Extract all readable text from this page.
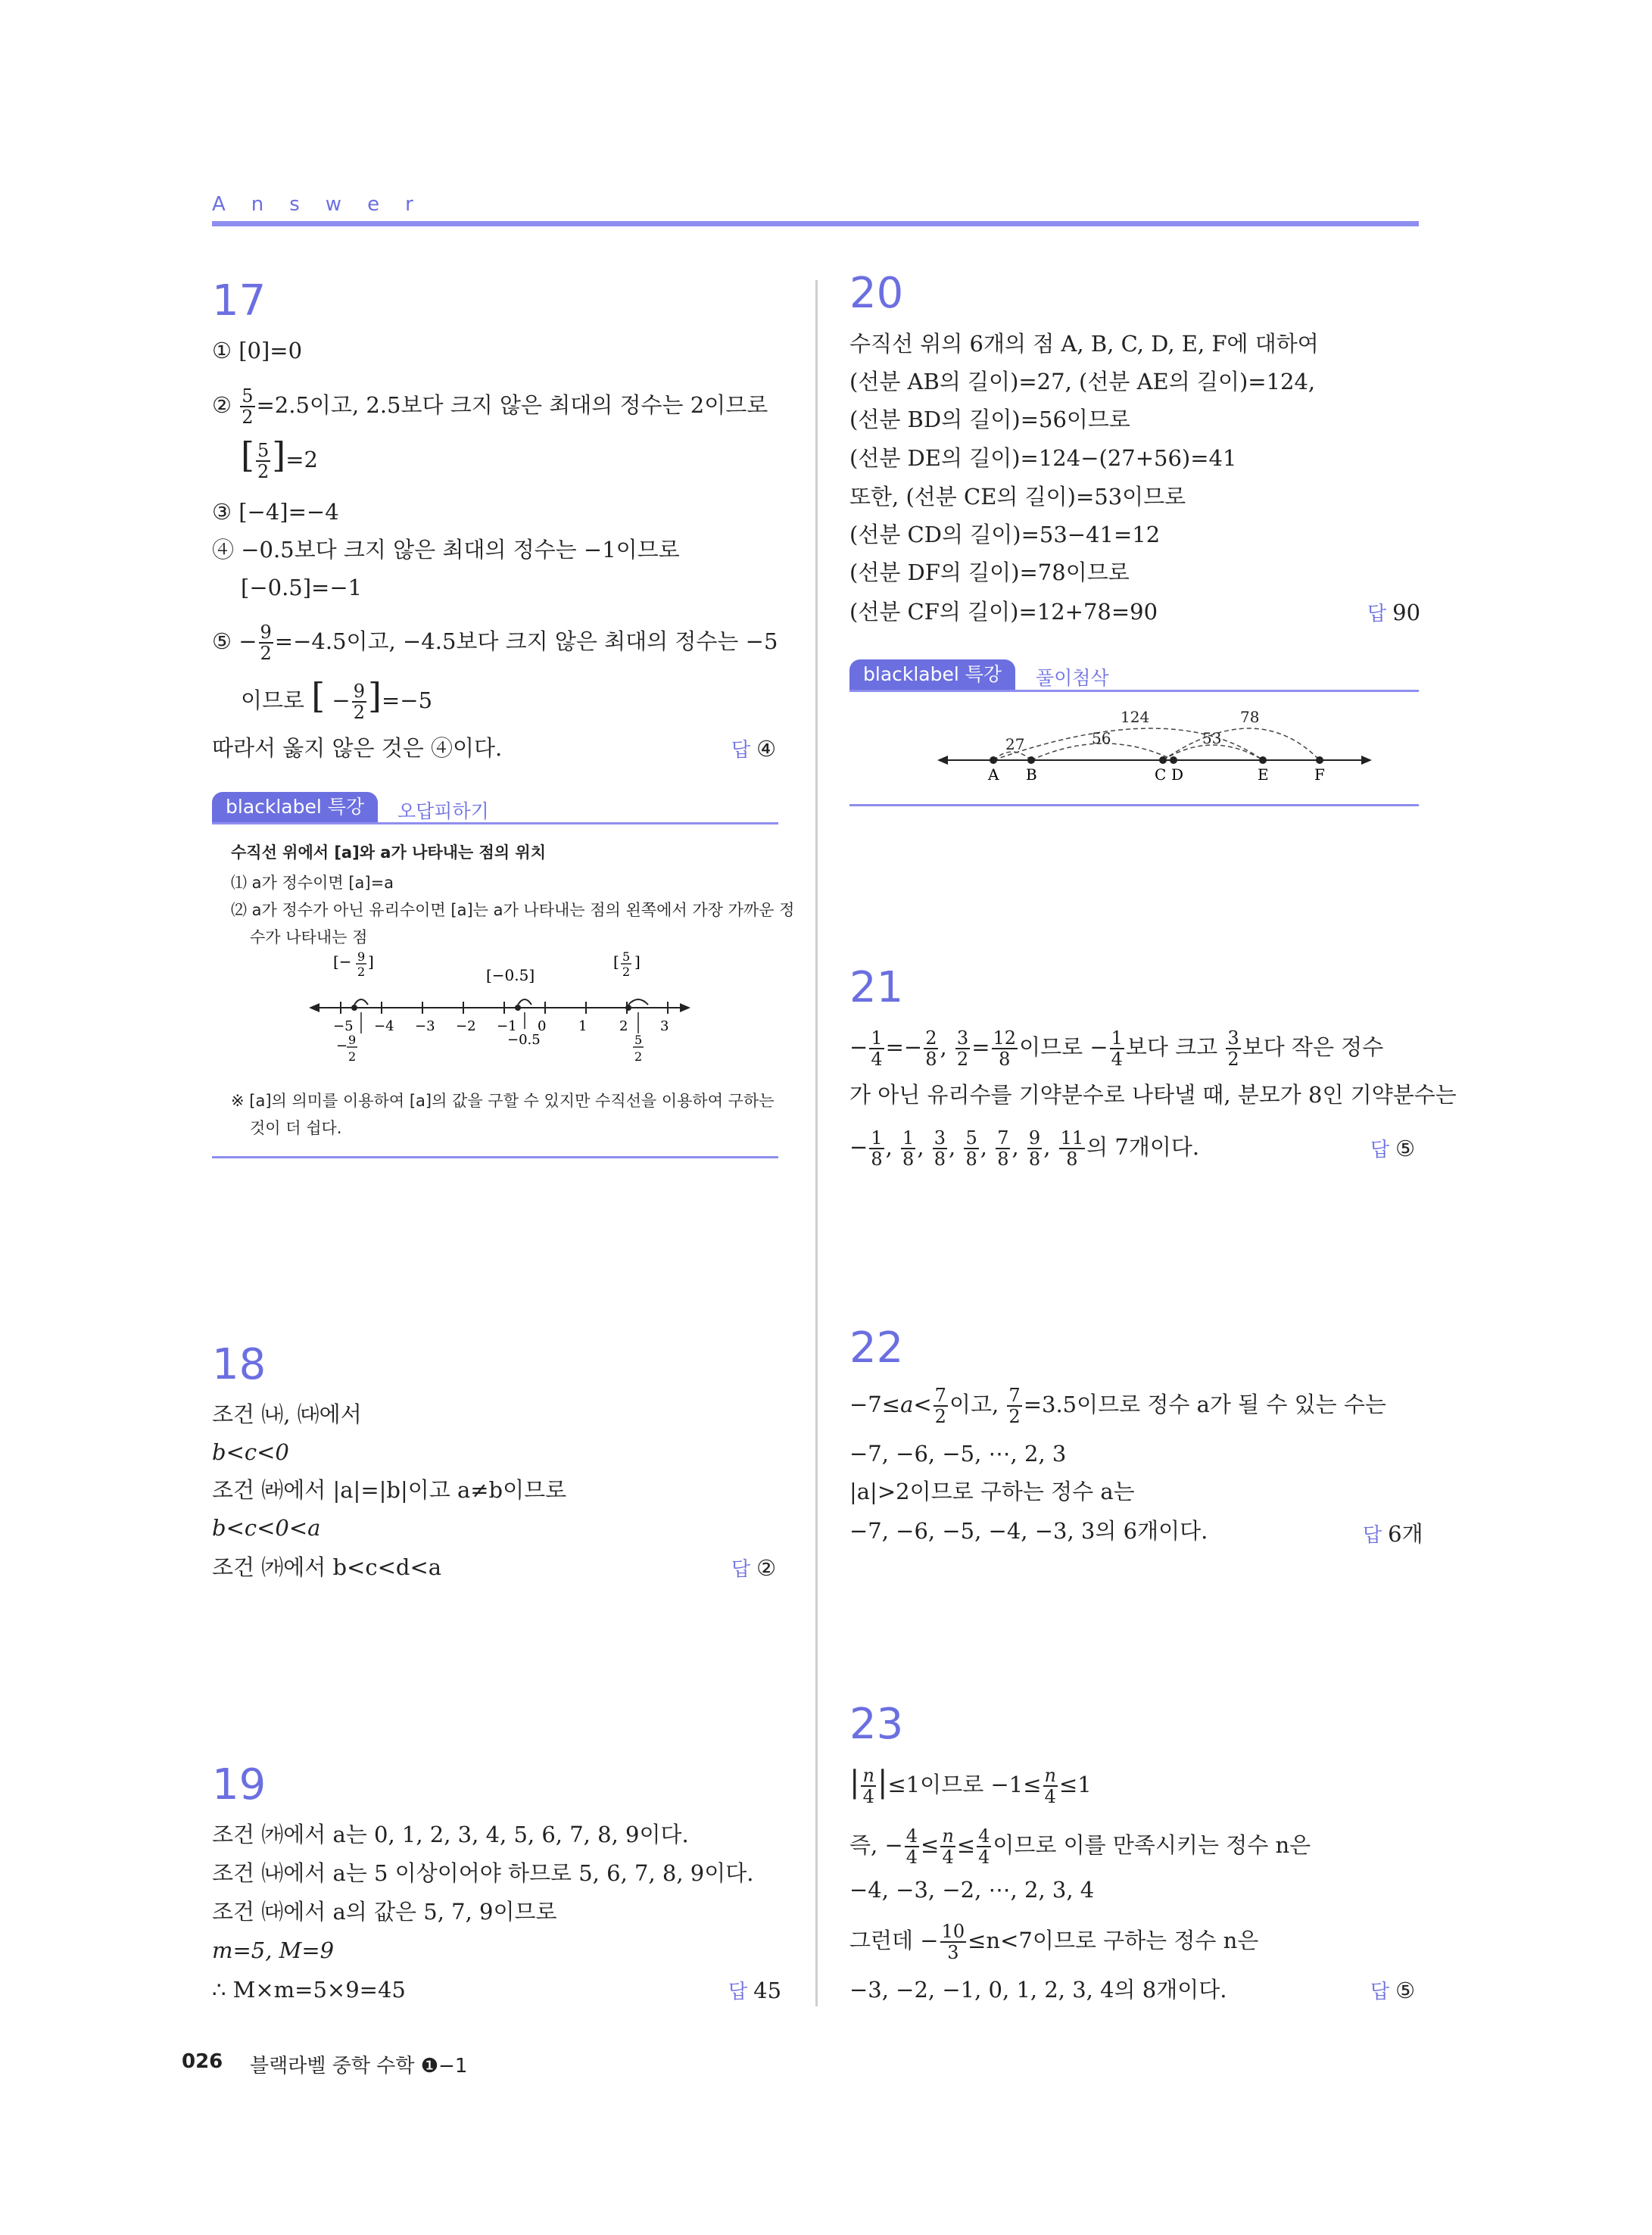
Answer
17
① [0]=0
② $\frac{5}{2} =2.5$이고, 2.5보다 크지 않은 최대의 정수는 2이므로
[ $\frac{5}{2} ]=2$
③ [−4]=−4
④ −0.5보다 크지 않은 최대의 정수는 −1이므로
[−0.5]=−1
⑤ − $\frac{9}{2} =-4.5$이고, −4.5보다 크지 않은 최대의 정수는 −5
이므로 [ − $\frac{9}{2} ]=-5$
따라서 옳지 않은 것은 ④이다.	답 ④
blacklabel 특강	오답피하기
수직선 위에서 [a]와 a가 나타내는 점의 위치
⑴ a가 정수이면 [a]=a
⑵ a가 정수가 아닌 유리수이면 [a]는 a가 나타내는 점의 왼쪽에서 가장 가까운 정
수가 나타내는 점
−5 −4 −3 −2 −1 0 1 2 3
[− 9
2
]
[−0.5]
[ 5
2
]
− 9
2
−0.5	5
2
※ [a]의 의미를 이용하여 [a]의 값을 구할 수 있지만 수직선을 이용하여 구하는
것이 더 쉽다.
18
조건 ㈏, ㈐에서
b<c<0
조건 ㈑에서 |a|=|b|이고 a≠b이므로
b<c<0<a
조건 ㈎에서 b<c<d<a	답 ②
19
조건 ㈎에서 a는 0, 1, 2, 3, 4, 5, 6, 7, 8, 9이다.
조건 ㈏에서 a는 5 이상이어야 하므로 5, 6, 7, 8, 9이다.
조건 ㈐에서 a의 값은 5, 7, 9이므로
m=5, M=9
∴ M×m=5×9=45	답 45
20
수직선 위의 6개의 점 A, B, C, D, E, F에 대하여
(선분 AB의 길이)=27, (선분 AE의 길이)=124,
(선분 BD의 길이)=56이므로
(선분 DE의 길이)=124−(27+56)=41
또한, (선분 CE의 길이)=53이므로
(선분 CD의 길이)=53−41=12
(선분 DF의 길이)=78이므로
(선분 CF의 길이)=12+78=90	답 90
blacklabel 특강	풀이첨삭
124	78
27	56	53
A B	C D	E	F
21
− $\frac{1}{4} =- \frac{2}{8}$ , $\frac{3}{2} = \frac{12}{8}$ 이므로 − $\frac{1}{4}$ 보다 크고 $\frac{3}{2}$ 보다 작은 정수
가 아닌 유리수를 기약분수로 나타낼 때, 분모가 8인 기약분수는
− $\frac{1}{8}$ , $\frac{1}{8}$ , $\frac{3}{8}$ , $\frac{5}{8}$ , $\frac{7}{8}$ , $\frac{9}{8}$ , $\frac{11}{8}$ 의 7개이다.	답 ⑤
22
$-7\le a< \frac{7}{2}$ 이고, $\frac{7}{2} =3.5$이므로 정수 a가 될 수 있는 수는
−7, −6, −5, ⋯, 2, 3
|a|>2이므로 구하는 정수 a는
−7, −6, −5, −4, −3, 3의 6개이다.	답 6개
23
| $\frac{n}{4} |\le 1$이므로 $-1\le \frac{n}{4} \le 1$
즉, − $\frac{4}{4} \le \frac{n}{4} \le \frac{4}{4}$ 이므로 이를 만족시키는 정수 n은
−4, −3, −2, ⋯, 2, 3, 4
그런데 − $\frac{10}{3} \le n<7$이므로 구하는 정수 n은
−3, −2, −1, 0, 1, 2, 3, 4의 8개이다.	답 ⑤
026 블랙라벨 중학 수학 ❶−1
